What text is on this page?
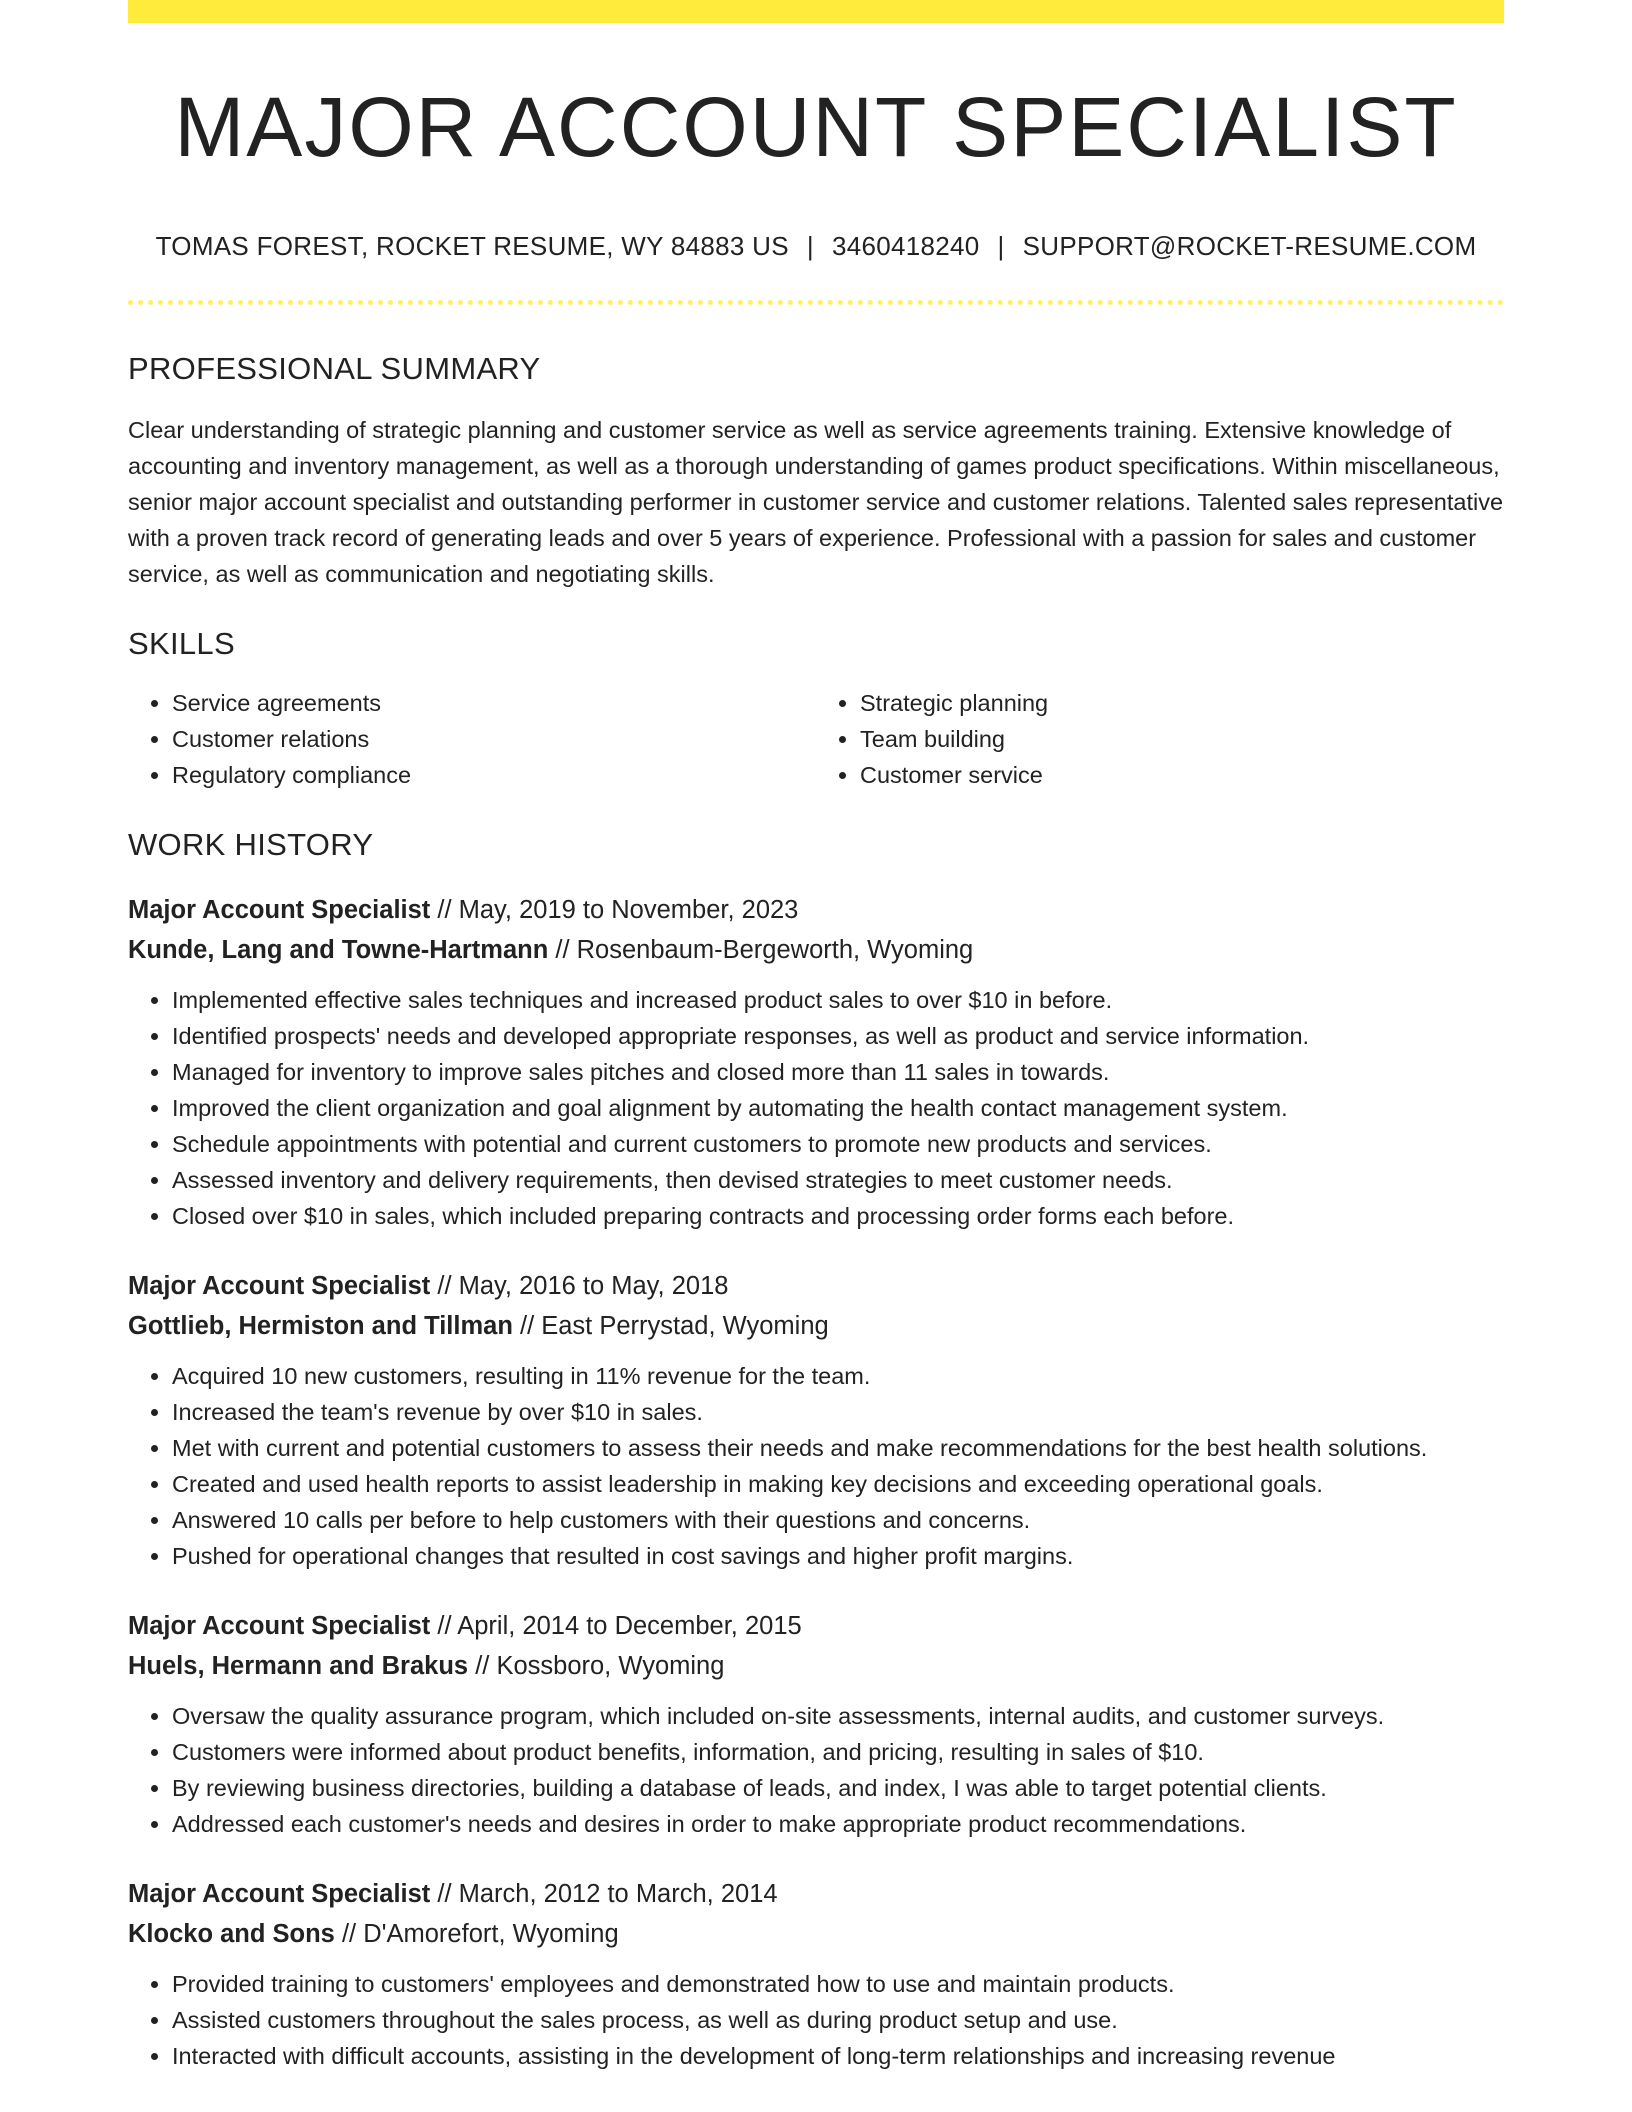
MAJOR ACCOUNT SPECIALIST
TOMAS FOREST, ROCKET RESUME, WY 84883 US | 3460418240 | SUPPORT@ROCKET-RESUME.COM
PROFESSIONAL SUMMARY

Clear understanding of strategic planning and customer service as well as service agreements training. Extensive knowledge of accounting and inventory management, as well as a thorough understanding of games product specifications. Within miscellaneous, senior major account specialist and outstanding performer in customer service and customer relations. Talented sales representative with a proven track record of generating leads and over 5 years of experience. Professional with a passion for sales and customer service, as well as communication and negotiating skills.

SKILLS
• Service agreements
• Customer relations
• Regulatory compliance
• Strategic planning
• Team building
• Customer service
WORK HISTORY
Major Account Specialist // May, 2019 to November, 2023
Kunde, Lang and Towne-Hartmann // Rosenbaum-Bergeworth, Wyoming
• Implemented effective sales techniques and increased product sales to over $10 in before.
• Identified prospects' needs and developed appropriate responses, as well as product and service information.
• Managed for inventory to improve sales pitches and closed more than 11 sales in towards.
• Improved the client organization and goal alignment by automating the health contact management system.
• Schedule appointments with potential and current customers to promote new products and services.
• Assessed inventory and delivery requirements, then devised strategies to meet customer needs.
• Closed over $10 in sales, which included preparing contracts and processing order forms each before.
Major Account Specialist // May, 2016 to May, 2018
Gottlieb, Hermiston and Tillman // East Perrystad, Wyoming
• Acquired 10 new customers, resulting in 11% revenue for the team.
• Increased the team's revenue by over $10 in sales.
• Met with current and potential customers to assess their needs and make recommendations for the best health solutions.
• Created and used health reports to assist leadership in making key decisions and exceeding operational goals.
• Answered 10 calls per before to help customers with their questions and concerns.
• Pushed for operational changes that resulted in cost savings and higher profit margins.
Major Account Specialist // April, 2014 to December, 2015
Huels, Hermann and Brakus // Kossboro, Wyoming
• Oversaw the quality assurance program, which included on-site assessments, internal audits, and customer surveys.
• Customers were informed about product benefits, information, and pricing, resulting in sales of $10.
• By reviewing business directories, building a database of leads, and index, I was able to target potential clients.
• Addressed each customer's needs and desires in order to make appropriate product recommendations.
Major Account Specialist // March, 2012 to March, 2014
Klocko and Sons // D'Amorefort, Wyoming
• Provided training to customers' employees and demonstrated how to use and maintain products.
• Assisted customers throughout the sales process, as well as during product setup and use.
• Interacted with difficult accounts, assisting in the development of long-term relationships and increasing revenue
